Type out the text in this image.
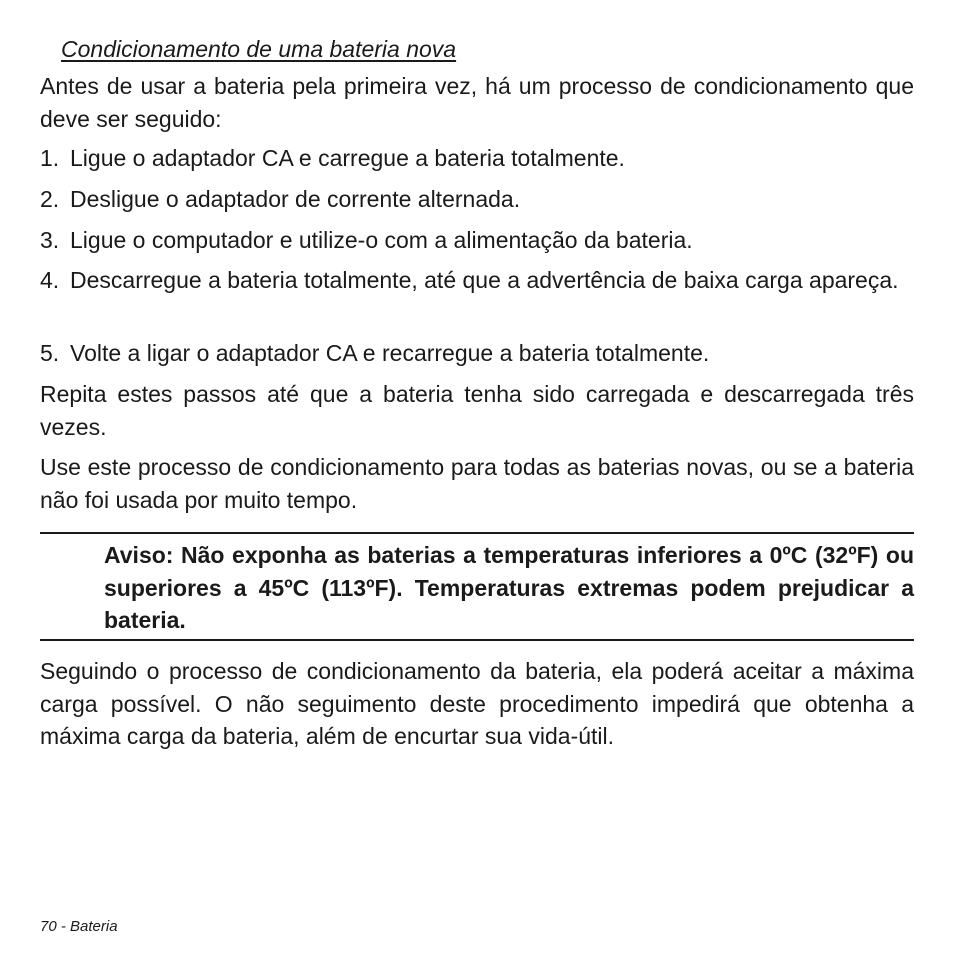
Condicionamento de uma bateria nova

Antes de usar a bateria pela primeira vez, há um processo de condicionamento que deve ser seguido:

1. Ligue o adaptador CA e carregue a bateria totalmente.
2. Desligue o adaptador de corrente alternada.
3. Ligue o computador e utilize-o com a alimentação da bateria.
4. Descarregue a bateria totalmente, até que a advertência de baixa carga apareça.
5. Volte a ligar o adaptador CA e recarregue a bateria totalmente.

Repita estes passos até que a bateria tenha sido carregada e descarregada três vezes.

Use este processo de condicionamento para todas as baterias novas, ou se a bateria não foi usada por muito tempo.

Aviso: Não exponha as baterias a temperaturas inferiores a 0ºC (32ºF) ou superiores a 45ºC (113ºF). Temperaturas extremas podem prejudicar a bateria.

Seguindo o processo de condicionamento da bateria, ela poderá aceitar a máxima carga possível. O não seguimento deste procedimento impedirá que obtenha a máxima carga da bateria, além de encurtar sua vida-útil.

70 - Bateria
